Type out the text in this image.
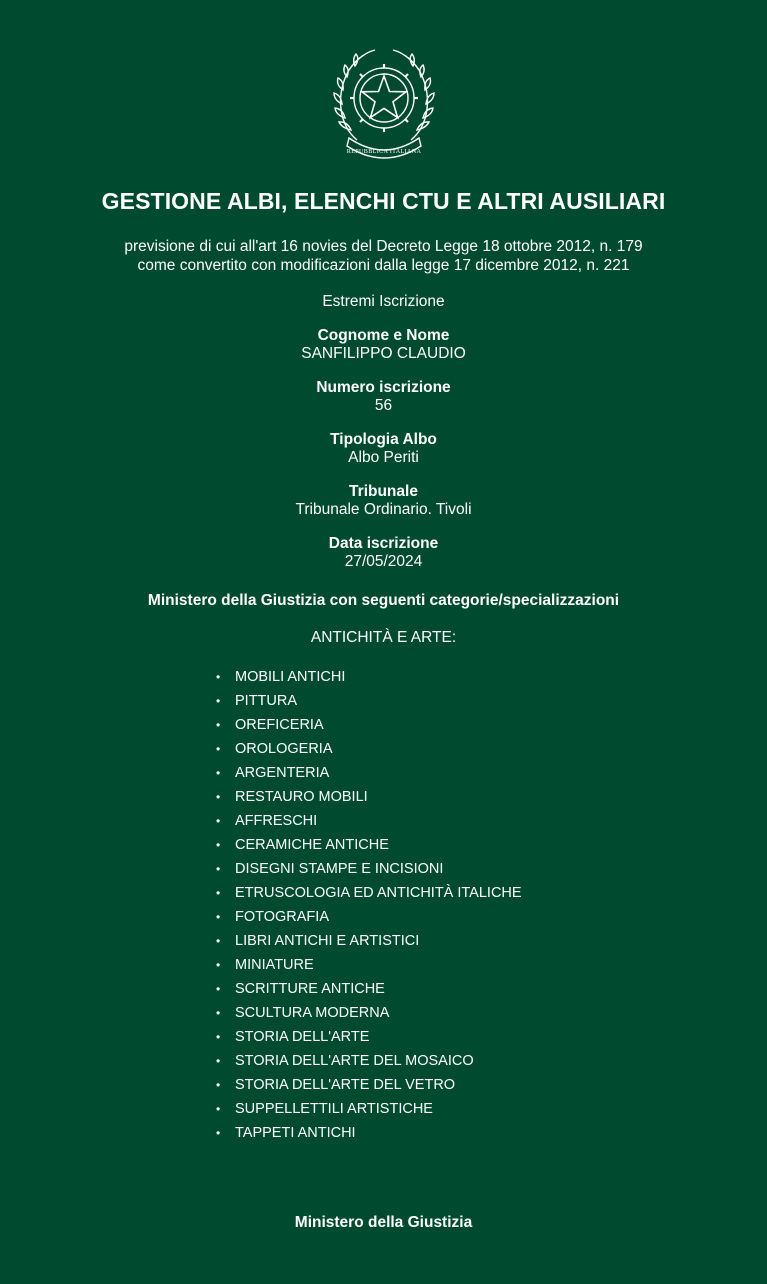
REPUBBLICA ITALIANA
GESTIONE ALBI, ELENCHI CTU E ALTRI AUSILIARI
previsione di cui all'art 16 novies del Decreto Legge 18 ottobre 2012, n. 179
come convertito con modificazioni dalla legge 17 dicembre 2012, n. 221
Estremi Iscrizione
Cognome e Nome
SANFILIPPO CLAUDIO
Numero iscrizione
56
Tipologia Albo
Albo Periti
Tribunale
Tribunale Ordinario. Tivoli
Data iscrizione
27/05/2024
Ministero della Giustizia con seguenti categorie/specializzazioni
ANTICHITÀ E ARTE:
• MOBILI ANTICHI
• PITTURA
• OREFICERIA
• OROLOGERIA
• ARGENTERIA
• RESTAURO MOBILI
• AFFRESCHI
• CERAMICHE ANTICHE
• DISEGNI STAMPE E INCISIONI
• ETRUSCOLOGIA ED ANTICHITÀ ITALICHE
• FOTOGRAFIA
• LIBRI ANTICHI E ARTISTICI
• MINIATURE
• SCRITTURE ANTICHE
• SCULTURA MODERNA
• STORIA DELL'ARTE
• STORIA DELL'ARTE DEL MOSAICO
• STORIA DELL'ARTE DEL VETRO
• SUPPELLETTILI ARTISTICHE
• TAPPETI ANTICHI
Ministero della Giustizia
